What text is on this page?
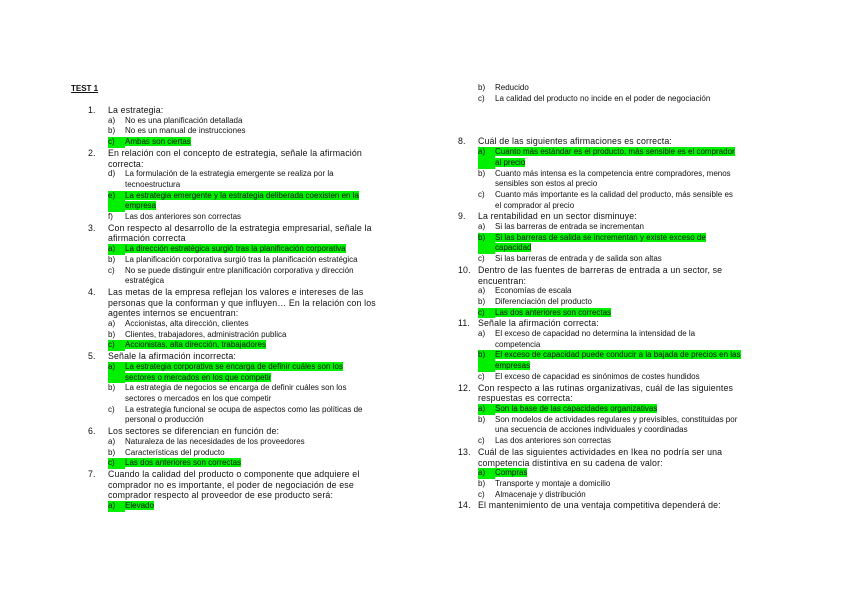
TEST 1
1.	La estrategia:
a)	No es una planificación detallada
b)	No es un manual de instrucciones
c)	Ambas son ciertas
2.	En relación con el concepto de estrategia, señale la afirmación
correcta:
d)	La formulación de la estrategia emergente se realiza por la
tecnoestructura
e)	La estrategia emergente y la estrategia deliberada coexisten en la
empresa
f)	Las dos anteriores son correctas
3.	Con respecto al desarrollo de la estrategia empresarial, señale la
afirmación correcta
a)	La dirección estratégica surgió tras la planificación corporativa
b)	La planificación corporativa surgió tras la planificación estratégica
c)	No se puede distinguir entre planificación corporativa y dirección
estratégica
4.	Las metas de la empresa reflejan los valores e intereses de las
personas que la conforman y que influyen… En la relación con los
agentes internos se encuentran:
a)	Accionistas, alta dirección, clientes
b)	Clientes, trabajadores, administración publica
c)	Accionistas, alta dirección, trabajadores
5.	Señale la afirmación incorrecta:
a)	La estrategia corporativa se encarga de definir cuáles son los
sectores o mercados en los que competir
b)	La estrategia de negocios se encarga de definir cuáles son los
sectores o mercados en los que competir
c)	La estrategia funcional se ocupa de aspectos como las políticas de
personal o producción
6.	Los sectores se diferencian en función de:
a)	Naturaleza de las necesidades de los proveedores
b)	Características del producto
c)	Las dos anteriores son correctas
7.	Cuando la calidad del producto o componente que adquiere el
comprador no es importante, el poder de negociación de ese
comprador respecto al proveedor de ese producto será:
a)	Elevado
b)	Reducido
c)	La calidad del producto no incide en el poder de negociación
8.	Cuál de las siguientes afirmaciones es correcta:
a)	Cuanto más estándar es el producto, más sensible es el comprador
al precio
b)	Cuanto más intensa es la competencia entre compradores, menos
sensibles son estos al precio
c)	Cuanto más importante es la calidad del producto, más sensible es
el comprador al precio
9.	La rentabilidad en un sector disminuye:
a)	Si las barreras de entrada se incrementan
b)	Si las barreras de salida se incrementan y existe exceso de
capacidad
c)	Si las barreras de entrada y de salida son altas
10. Dentro de las fuentes de barreras de entrada a un sector, se
encuentran:
a)	Economías de escala
b)	Diferenciación del producto
c)	Las dos anteriores son correctas
11. Señale la afirmación correcta:
a)	El exceso de capacidad no determina la intensidad de la
competencia
b)	El exceso de capacidad puede conducir a la bajada de precios en las
empresas
c)	El exceso de capacidad es sinónimos de costes hundidos
12. Con respecto a las rutinas organizativas, cuál de las siguientes
respuestas es correcta:
a)	Son la base de las capacidades organizativas
b)	Son modelos de actividades regulares y previsibles, constituidas por
una secuencia de acciones individuales y coordinadas
c)	Las dos anteriores son correctas
13. Cuál de las siguientes actividades en Ikea no podría ser una
competencia distintiva en su cadena de valor:
a)	Compras
b)	Transporte y montaje a domicilio
c)	Almacenaje y distribución
14. El mantenimiento de una ventaja competitiva dependerá de:
